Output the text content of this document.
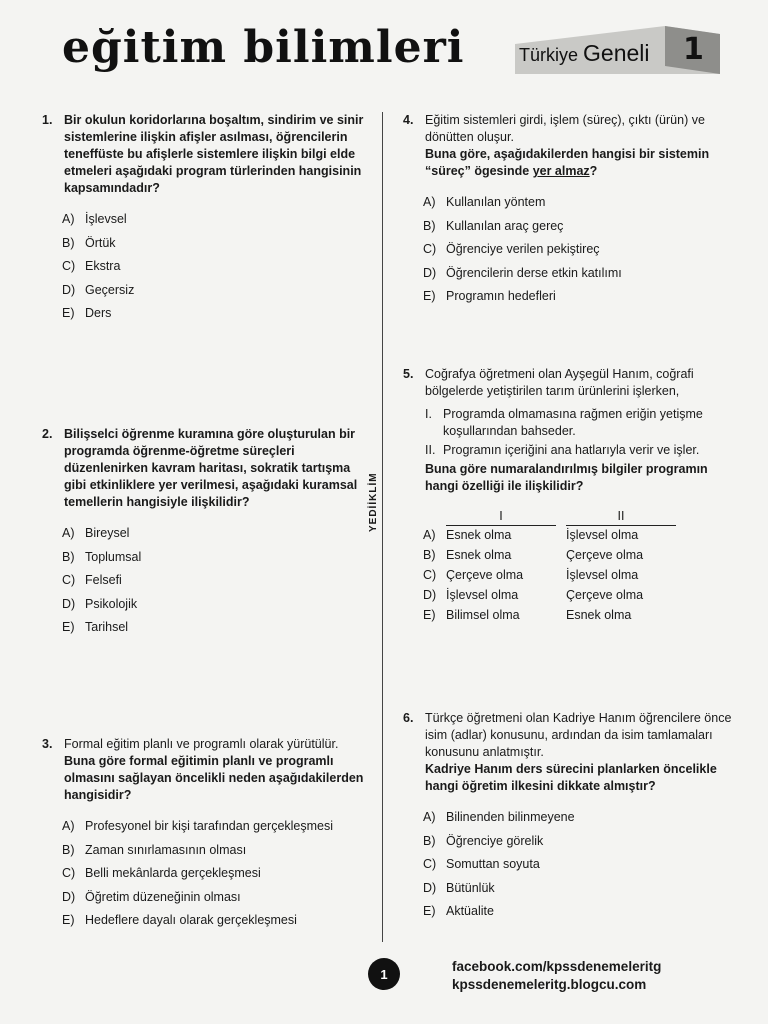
eğitim bilimleri	Türkiye Geneli 1
YEDİİKLİM
1. Bir okulun koridorlarına boşaltım, sindirim ve sinir sistemlerine ilişkin afişler asılması, öğrencilerin teneffüste bu afişlerle sistemlere ilişkin bilgi elde etmeleri aşağıdaki program türlerinden hangisinin kapsamındadır?
A) İşlevsel
B) Örtük
C) Ekstra
D) Geçersiz
E) Ders
2. Bilişselci öğrenme kuramına göre oluşturulan bir programda öğrenme-öğretme süreçleri düzenlenirken kavram haritası, sokratik tartışma gibi etkinliklere yer verilmesi, aşağıdaki kuramsal temellerin hangisiyle ilişkilidir?
A) Bireysel
B) Toplumsal
C) Felsefi
D) Psikolojik
E) Tarihsel
3. Formal eğitim planlı ve programlı olarak yürütülür.
Buna göre formal eğitimin planlı ve programlı olmasını sağlayan öncelikli neden aşağıdakilerden hangisidir?
A) Profesyonel bir kişi tarafından gerçekleşmesi
B) Zaman sınırlamasının olması
C) Belli mekânlarda gerçekleşmesi
D) Öğretim düzeneğinin olması
E) Hedeflere dayalı olarak gerçekleşmesi
4. Eğitim sistemleri girdi, işlem (süreç), çıktı (ürün) ve dönütten oluşur.
Buna göre, aşağıdakilerden hangisi bir sistemin “süreç” ögesinde yer almaz?
A) Kullanılan yöntem
B) Kullanılan araç gereç
C) Öğrenciye verilen pekiştireç
D) Öğrencilerin derse etkin katılımı
E) Programın hedefleri
5. Coğrafya öğretmeni olan Ayşegül Hanım, coğrafi bölgelerde yetiştirilen tarım ürünlerini işlerken,
I. Programda olmamasına rağmen eriğin yetişme koşullarından bahseder.
II. Programın içeriğini ana hatlarıyla verir ve işler.
Buna göre numaralandırılmış bilgiler programın hangi özelliği ile ilişkilidir?
	I		II
A)	Esnek olma		İşlevsel olma
B)	Esnek olma		Çerçeve olma
C)	Çerçeve olma		İşlevsel olma
D)	İşlevsel olma		Çerçeve olma
E)	Bilimsel olma		Esnek olma
6. Türkçe öğretmeni olan Kadriye Hanım öğrencilere önce isim (adlar) konusunu, ardından da isim tamlamaları konusunu anlatmıştır.
Kadriye Hanım ders sürecini planlarken öncelikle hangi öğretim ilkesini dikkate almıştır?
A) Bilinenden bilinmeyene
B) Öğrenciye görelik
C) Somuttan soyuta
D) Bütünlük
E) Aktüalite
1	facebook.com/kpssdenemeleritg
kpssdenemeleritg.blogcu.com
